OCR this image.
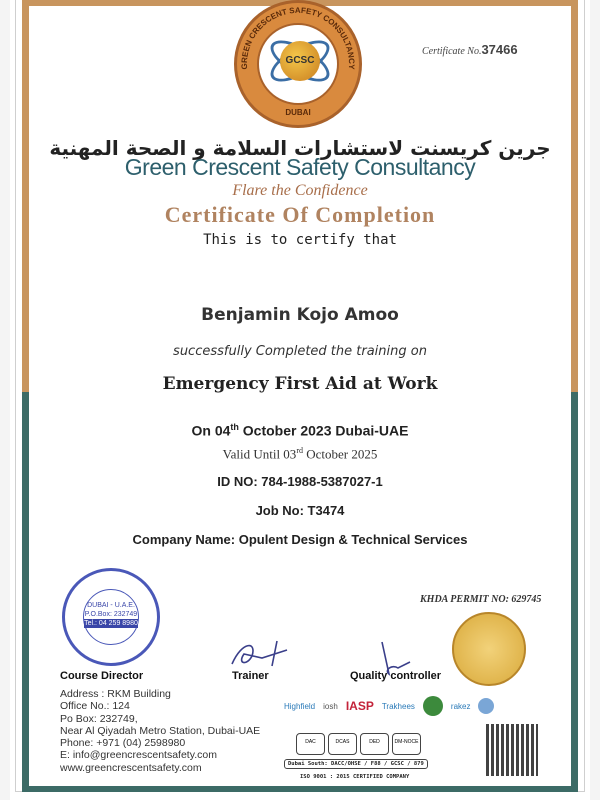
GCSC
GREEN CRESCENT SAFETY CONSULTANCY
DUBAI
Certificate No.37466
جرين كريسنت لاستشارات السلامة و الصحة المهنية
Green Crescent Safety Consultancy
Flare the Confidence
Certificate Of Completion
This is to certify that
Benjamin Kojo Amoo
successfully Completed the training on
Emergency First Aid at Work
On 04th October 2023 Dubai-UAE
Valid Until 03rd October 2025
ID NO: 784-1988-5387027-1
Job No: T3474
Company Name: Opulent Design & Technical Services
KHDA PERMIT NO: 629745
DUBAI - U.A.E.
P.O.Box: 232749
Tel.: 04 259 8980
Course Director	Trainer	Quality controller
Address : RKM Building
Office No.: 124
Po Box: 232749,
Near Al Qiyadah Metro Station, Dubai-UAE
Phone: +971 (04) 2598980
E: info@greencrescentsafety.com
www.greencrescentsafety.com
Highfield iosh IASP Trakhees	rakez
DAC	DCAS	DED	DM-NOCE
Dubai South: DACC/OHSE / F88 / GCSC / 879
ISO 9001 : 2015 CERTIFIED COMPANY
